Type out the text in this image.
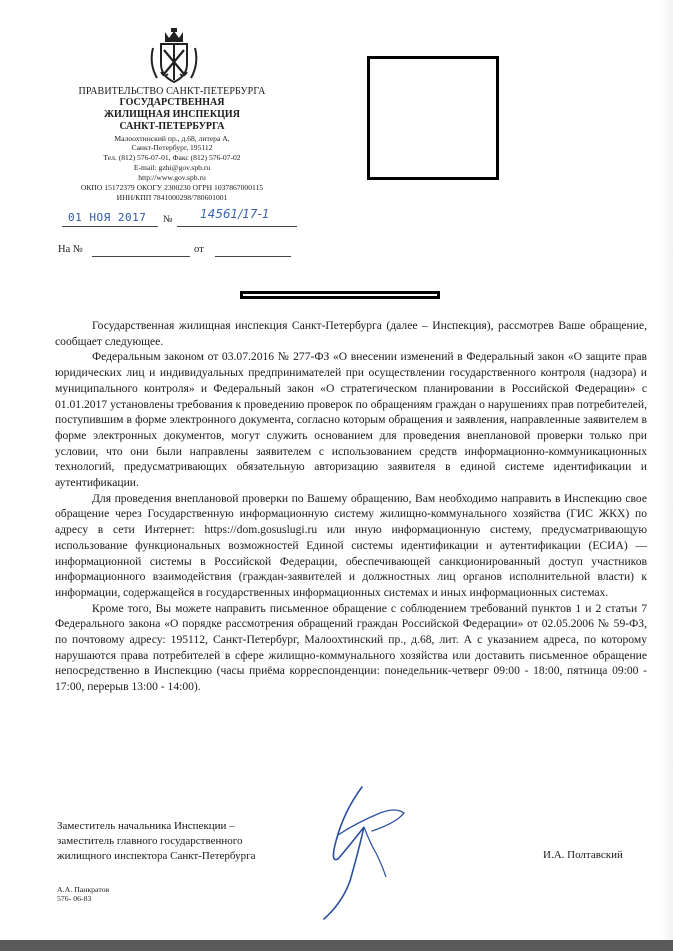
ПРАВИТЕЛЬСТВО САНКТ-ПЕТЕРБУРГА
ГОСУДАРСТВЕННАЯ
ЖИЛИЩНАЯ ИНСПЕКЦИЯ
САНКТ-ПЕТЕРБУРГА
Малоохтинский пр., д.68, литера А,
Санкт-Петербург, 195112
Тел. (812) 576-07-01, Факс (812) 576-07-02
E-mail: gzhi@gov.spb.ru
http://www.gov.spb.ru
ОКПО 15172379 ОКОГУ 2300230 ОГРН 1037867000115
ИНН/КПП 7841000298/780601001
01 НОЯ 2017 № 14561/17-1
На №	от

Государственная жилищная инспекция Санкт-Петербурга (далее – Инспекция), рассмотрев Ваше обращение, сообщает следующее.

Федеральным законом от 03.07.2016 № 277-ФЗ «О внесении изменений в Федеральный закон «О защите прав юридических лиц и индивидуальных предпринимателей при осуществлении государственного контроля (надзора) и муниципального контроля» и Федеральный закон «О стратегическом планировании в Российской Федерации» с 01.01.2017 установлены требования к проведению проверок по обращениям граждан о нарушениях прав потребителей, поступившим в форме электронного документа, согласно которым обращения и заявления, направленные заявителем в форме электронных документов, могут служить основанием для проведения внеплановой проверки только при условии, что они были направлены заявителем с использованием средств информационно-коммуникационных технологий, предусматривающих обязательную авторизацию заявителя в единой системе идентификации и аутентификации.

Для проведения внеплановой проверки по Вашему обращению, Вам необходимо направить в Инспекцию свое обращение через Государственную информационную систему жилищно-коммунального хозяйства (ГИС ЖКХ) по адресу в сети Интернет: https://dom.gosuslugi.ru или иную информационную систему, предусматривающую использование функциональных возможностей Единой системы идентификации и аутентификации (ЕСИА) — информационной системы в Российской Федерации, обеспечивающей санкционированный доступ участников информационного взаимодействия (граждан-заявителей и должностных лиц органов исполнительной власти) к информации, содержащейся в государственных информационных системах и иных информационных системах.

Кроме того, Вы можете направить письменное обращение с соблюдением требований пунктов 1 и 2 статьи 7 Федерального закона «О порядке рассмотрения обращений граждан Российской Федерации» от 02.05.2006 № 59-ФЗ, по почтовому адресу: 195112, Санкт-Петербург, Малоохтинский пр., д.68, лит. А с указанием адреса, по которому нарушаются права потребителей в сфере жилищно-коммунального хозяйства или доставить письменное обращение непосредственно в Инспекцию (часы приёма корреспонденции: понедельник-четверг 09:00 - 18:00, пятница 09:00 - 17:00, перерыв 13:00 - 14:00).

Заместитель начальника Инспекции –
заместитель главного государственного
жилищного инспектора Санкт-Петербурга	И.А. Полтавский
А.А. Панкратов
576- 06-83
